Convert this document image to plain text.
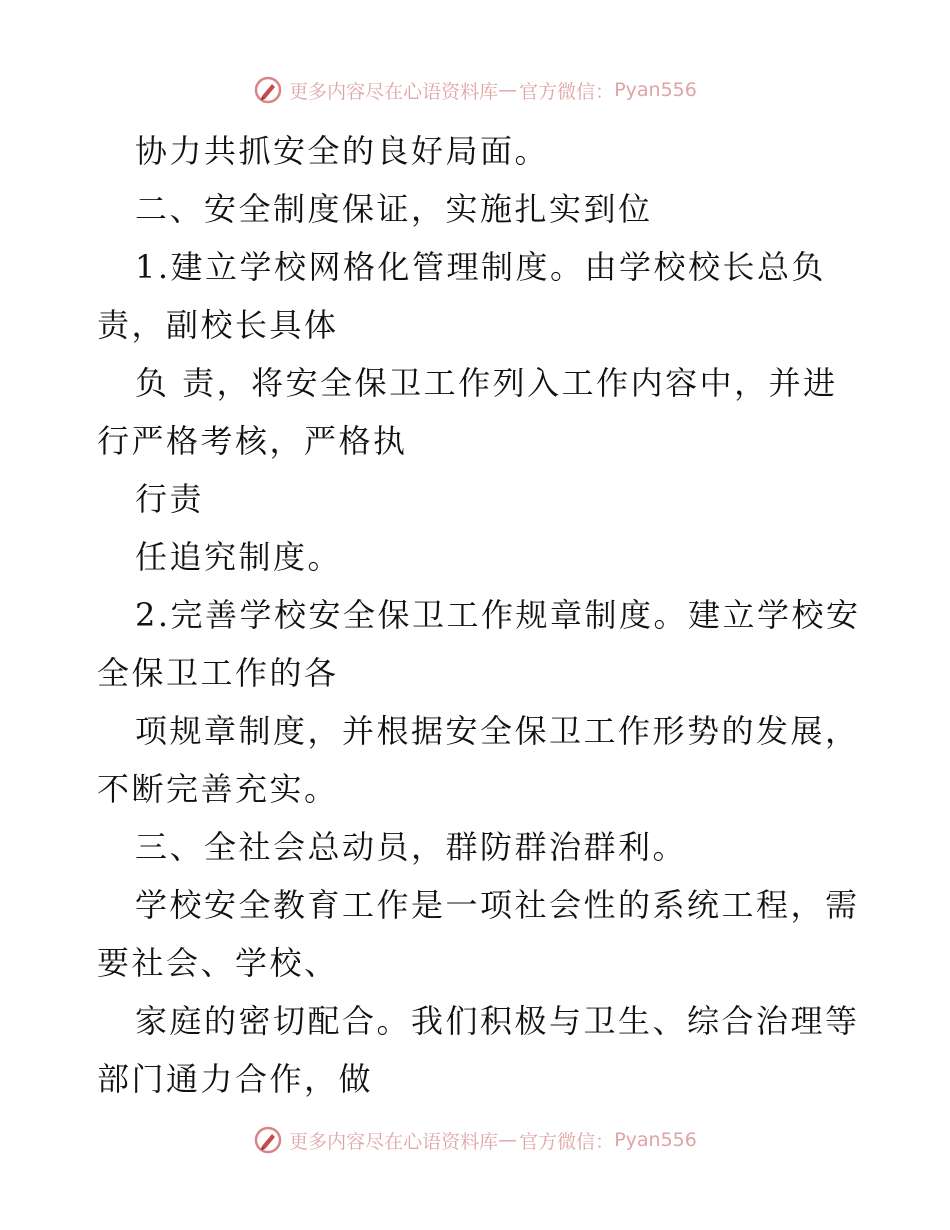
更多内容尽在心语资料库 — 官方微信： Pyan556
协力共抓安全的良好局面。
二、安全制度保证，实施扎实到位
1.建立学校网格化管理制度。由学校校长总负
责，副校长具体
负 责，将安全保卫工作列入工作内容中，并进
行严格考核，严格执
行责
任追究制度。
2.完善学校安全保卫工作规章制度。建立学校安
全保卫工作的各
项规章制度，并根据安全保卫工作形势的发展，
不断完善充实。
三、全社会总动员，群防群治群利。
学校安全教育工作是一项社会性的系统工程，需
要社会、学校、
家庭的密切配合。我们积极与卫生、综合治理等
部门通力合作，做
更多内容尽在心语资料库 — 官方微信： Pyan556
